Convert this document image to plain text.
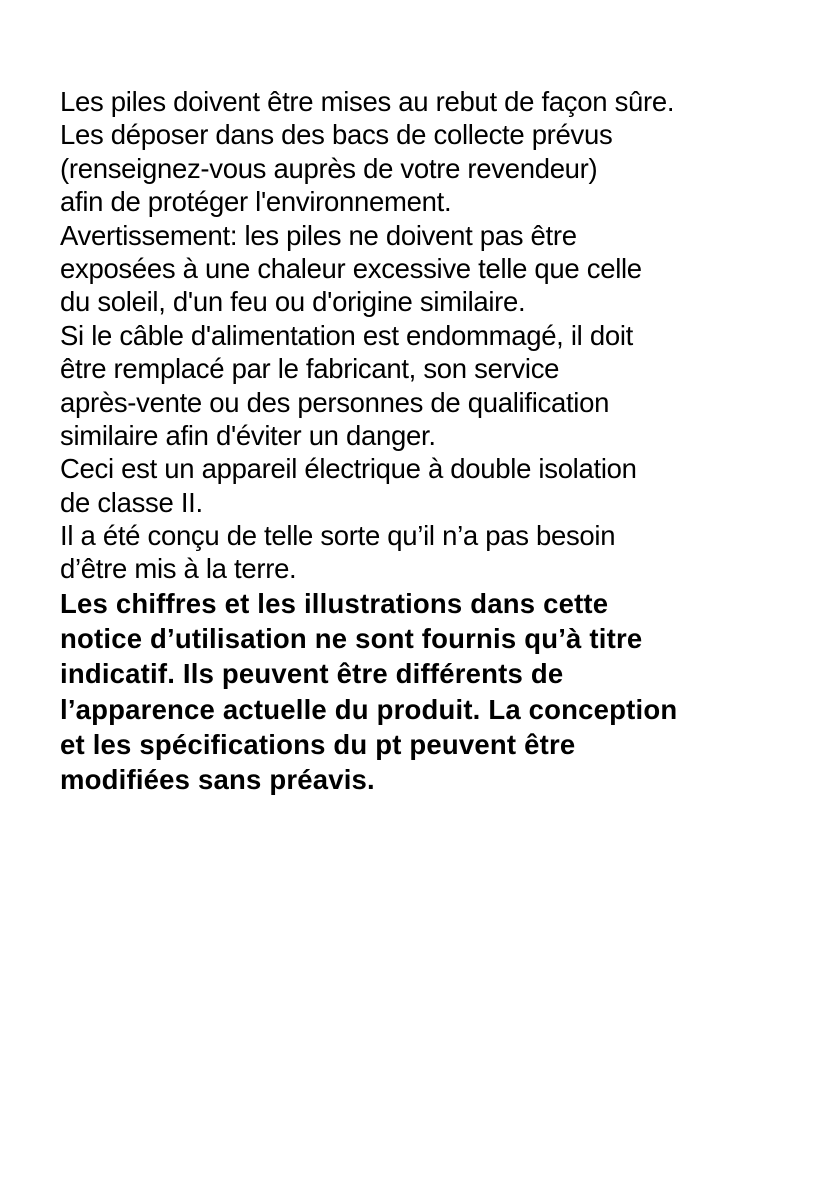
Les piles doivent être mises au rebut de façon sûre.
Les déposer dans des bacs de collecte prévus
(renseignez-vous auprès de votre revendeur)
afin de protéger l'environnement.
Avertissement: les piles ne doivent pas être
exposées à une chaleur excessive telle que celle
du soleil, d'un feu ou d'origine similaire.
Si le câble d'alimentation est endommagé, il doit
être remplacé par le fabricant, son service
après-vente ou des personnes de qualification
similaire afin d'éviter un danger.
Ceci est un appareil électrique à double isolation
de classe II.
Il a été conçu de telle sorte qu’il n’a pas besoin
d’être mis à la terre.
Les chiffres et les illustrations dans cette
notice d’utilisation ne sont fournis qu’à titre
indicatif. Ils peuvent être différents de
l’apparence actuelle du produit. La conception
et les spécifications du pt peuvent être
modifiées sans préavis.
